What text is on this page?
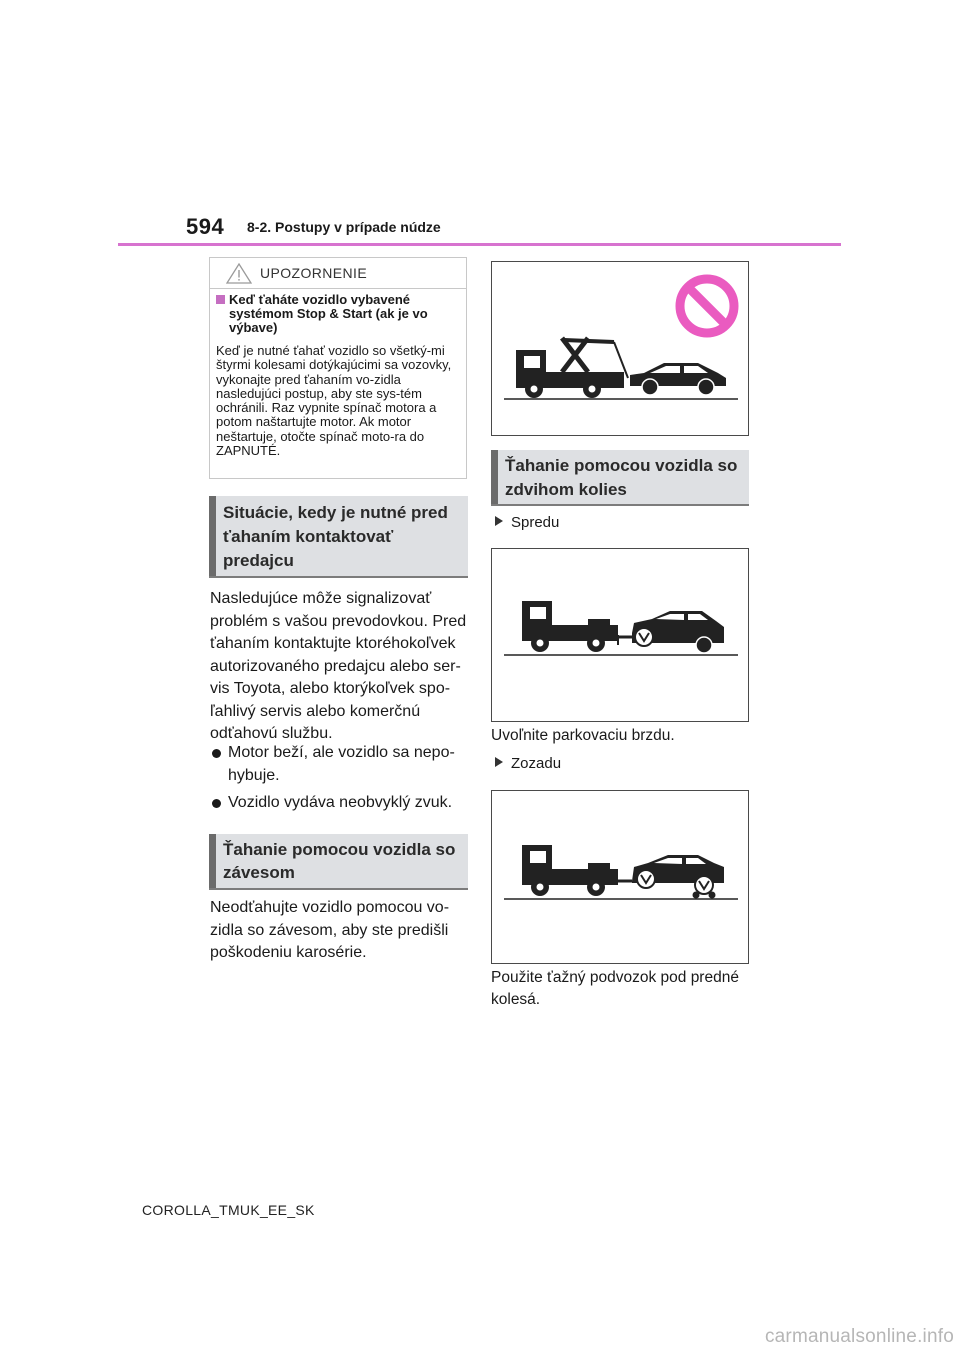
594 8-2. Postupy v prípade núdze
UPOZORNENIE
Keď ťaháte vozidlo vybavené systémom Stop & Start (ak je vo výbave)
Keď je nutné ťahať vozidlo so všetký-mi štyrmi kolesami dotýkajúcimi sa vozovky, vykonajte pred ťahaním vo-zidla nasledujúci postup, aby ste sys-tém ochránili. Raz vypnite spínač motora a potom naštartujte motor. Ak motor neštartuje, otočte spínač moto-ra do ZAPNUTÉ.
Situácie, kedy je nutné pred ťahaním kontaktovať predajcu
Nasledujúce môže signalizovať problém s vašou prevodovkou. Pred ťahaním kontaktujte ktoréhokoľvek autorizovaného predajcu alebo ser-vis Toyota, alebo ktorýkoľvek spo-ľahlivý servis alebo komerčnú odťahovú službu.
Motor beží, ale vozidlo sa nepo-hybuje.
Vozidlo vydáva neobvyklý zvuk.
Ťahanie pomocou vozidla so závesom
Neodťahujte vozidlo pomocou vo-zidla so závesom, aby ste predišli poškodeniu karosérie.
Ťahanie pomocou vozidla so zdvihom kolies
Spredu
Uvoľnite parkovaciu brzdu.
Zozadu
Použite ťažný podvozok pod predné kolesá.
COROLLA_TMUK_EE_SK
carmanualsonline.info
